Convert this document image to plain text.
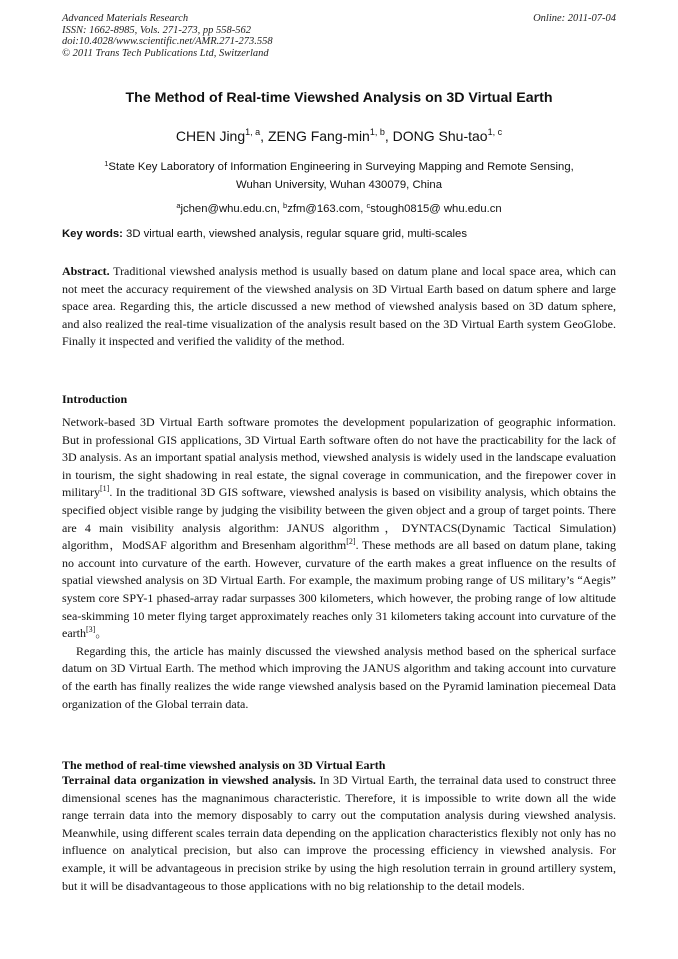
Advanced Materials Research
ISSN: 1662-8985, Vols. 271-273, pp 558-562
doi:10.4028/www.scientific.net/AMR.271-273.558
© 2011 Trans Tech Publications Ltd, Switzerland
Online: 2011-07-04
The Method of Real-time Viewshed Analysis on 3D Virtual Earth
CHEN Jing$^{1, a}$, ZENG Fang-$\min^{1, b}$, DONG Shu-tao$^{1, c}$
$^1$State Key Laboratory of Information Engineering in Surveying Mapping and Remote Sensing,
Wuhan University, Wuhan 430079, China
$^a$jchen@whu.edu.cn, $^b$zfm@163.com, $^c$stough0815@ whu.edu.cn
Key words: 3D virtual earth, viewshed analysis, regular square grid, multi-scales

Abstract. Traditional viewshed analysis method is usually based on datum plane and local space area, which can not meet the accuracy requirement of the viewshed analysis on 3D Virtual Earth based on datum sphere and large space area. Regarding this, the article discussed a new method of viewshed analysis based on 3D datum sphere, and also realized the real-time visualization of the analysis result based on the 3D Virtual Earth system GeoGlobe. Finally it inspected and verified the validity of the method.

Introduction

Network-based 3D Virtual Earth software promotes the development popularization of geographic information. But in professional GIS applications, 3D Virtual Earth software often do not have the practicability for the lack of 3D analysis. As an important spatial analysis method, viewshed analysis is widely used in the landscape evaluation in tourism, the sight shadowing in real estate, the signal coverage in communication, and the firepower cover in military[1]. In the traditional 3D GIS software, viewshed analysis is based on visibility analysis, which obtains the specified object visible range by judging the visibility between the given object and a group of target points. There are 4 main visibility analysis algorithm: JANUS algorithm，DYNTACS(Dynamic Tactical Simulation) algorithm，ModSAF algorithm and Bresenham algorithm[2]. These methods are all based on datum plane, taking no account into curvature of the earth. However, curvature of the earth makes a great influence on the results of spatial viewshed analysis on 3D Virtual Earth. For example, the maximum probing range of US military’s “Aegis” system core SPY-1 phased-array radar surpasses 300 kilometers, which however, the probing range of low altitude sea-skimming 10 meter flying target approximately reaches only 31 kilometers taking account into curvature of the earth[3]。

Regarding this, the article has mainly discussed the viewshed analysis method based on the spherical surface datum on 3D Virtual Earth. The method which improving the JANUS algorithm and taking account into curvature of the earth has finally realizes the wide range viewshed analysis based on the Pyramid lamination piecemeal Data organization of the Global terrain data.

The method of real-time viewshed analysis on 3D Virtual Earth

Terrainal data organization in viewshed analysis. In 3D Virtual Earth, the terrainal data used to construct three dimensional scenes has the magnanimous characteristic. Therefore, it is impossible to write down all the wide range terrain data into the memory disposably to carry out the computation analysis during viewshed analysis. Meanwhile, using different scales terrain data depending on the application characteristics flexibly not only has no influence on analytical precision, but also can improve the processing efficiency in viewshed analysis. For example, it will be advantageous in precision strike by using the high resolution terrain in ground artillery system, but it will be disadvantageous to those applications with no big relationship to the detail models.
